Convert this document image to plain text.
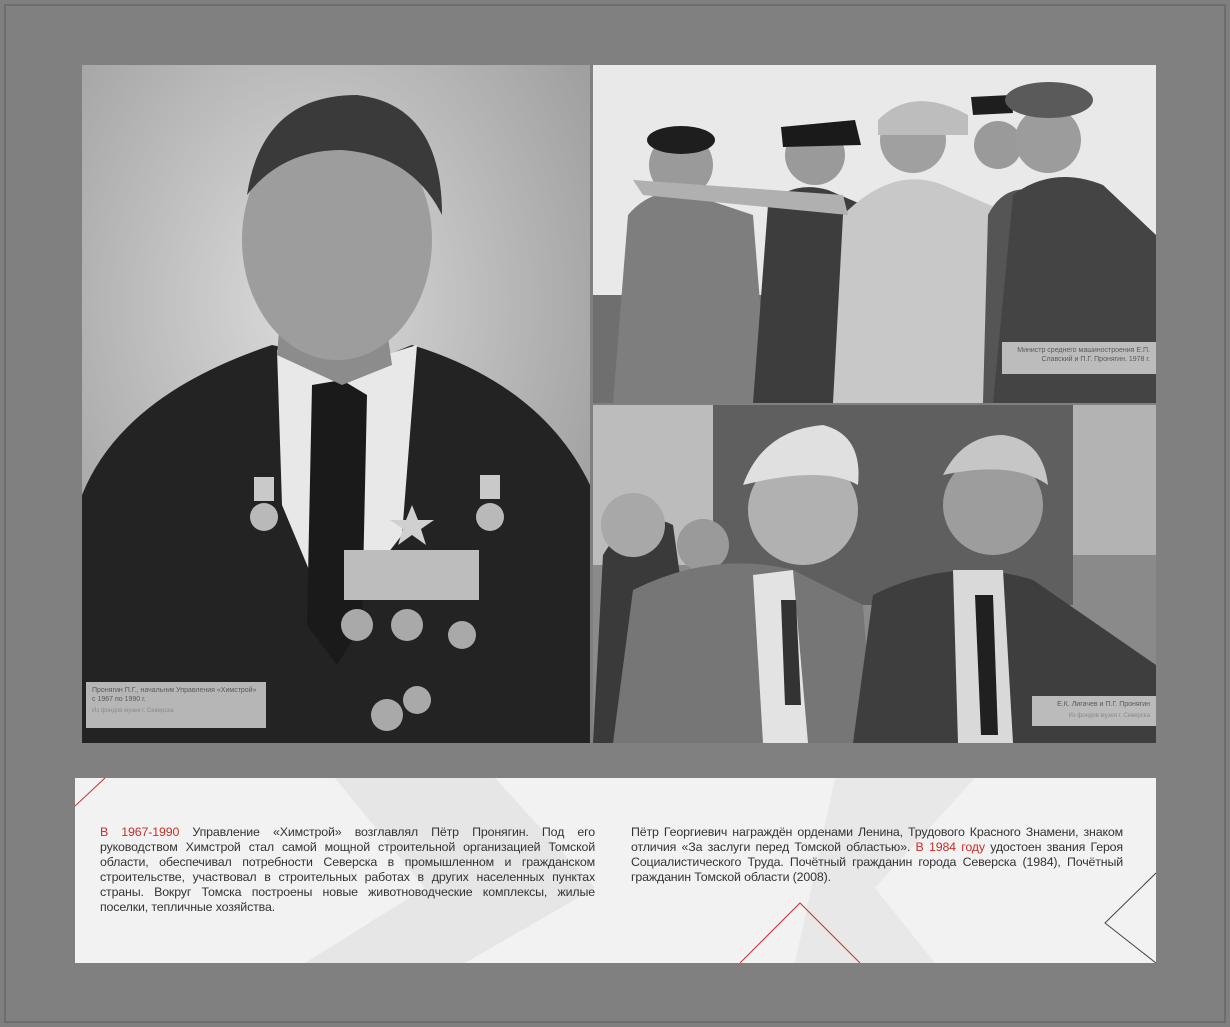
Пронягин П.Г., начальник Управления «Химстрой» с 1967 по 1990 г.
Из фондов музея г. Северска
Министр среднего машиностроения Е.П. Славский и П.Г. Пронягин. 1978 г.
Е.К. Лигачев и П.Г. Пронягин
Из фондов музея г. Северска

В 1967-1990 Управление «Химстрой» возглавлял Пётр Пронягин. Под его руководством Химстрой стал самой мощной строительной организацией Томской области, обеспечивал потребности Северска в промышленном и гражданском строительстве, участвовал в строительных работах в других населенных пунктах страны. Вокруг Томска построены новые животноводческие комплексы, жилые поселки, тепличные хозяйства.

Пётр Георгиевич награждён орденами Ленина, Трудового Красного Знамени, знаком отличия «За заслуги перед Томской областью». В 1984 году удостоен звания Героя Социалистического Труда. Почётный гражданин города Северска (1984), Почётный гражданин Томской области (2008).
